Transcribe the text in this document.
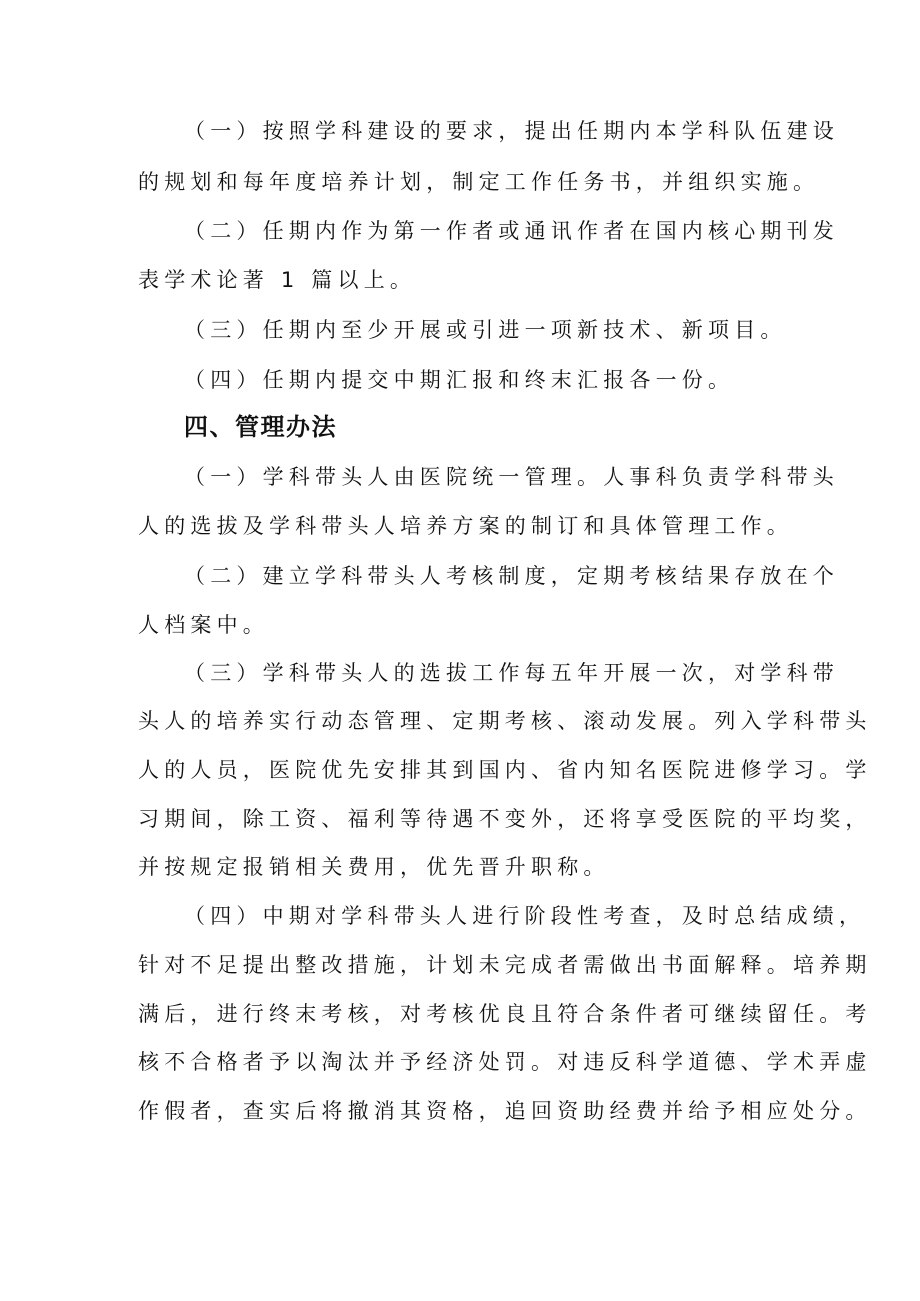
（一）按照学科建设的要求，提出任期内本学科队伍建设
的规划和每年度培养计划，制定工作任务书，并组织实施。
（二）任期内作为第一作者或通讯作者在国内核心期刊发
表学术论著 1 篇以上。
（三）任期内至少开展或引进一项新技术、新项目。
（四）任期内提交中期汇报和终末汇报各一份。
四、管理办法
（一）学科带头人由医院统一管理。人事科负责学科带头
人的选拔及学科带头人培养方案的制订和具体管理工作。
（二）建立学科带头人考核制度，定期考核结果存放在个
人档案中。
（三）学科带头人的选拔工作每五年开展一次，对学科带
头人的培养实行动态管理、定期考核、滚动发展。列入学科带头
人的人员，医院优先安排其到国内、省内知名医院进修学习。学
习期间，除工资、福利等待遇不变外，还将享受医院的平均奖，
并按规定报销相关费用，优先晋升职称。
（四）中期对学科带头人进行阶段性考查，及时总结成绩，
针对不足提出整改措施，计划未完成者需做出书面解释。培养期
满后，进行终末考核，对考核优良且符合条件者可继续留任。考
核不合格者予以淘汰并予经济处罚。对违反科学道德、学术弄虚
作假者，查实后将撤消其资格，追回资助经费并给予相应处分。
